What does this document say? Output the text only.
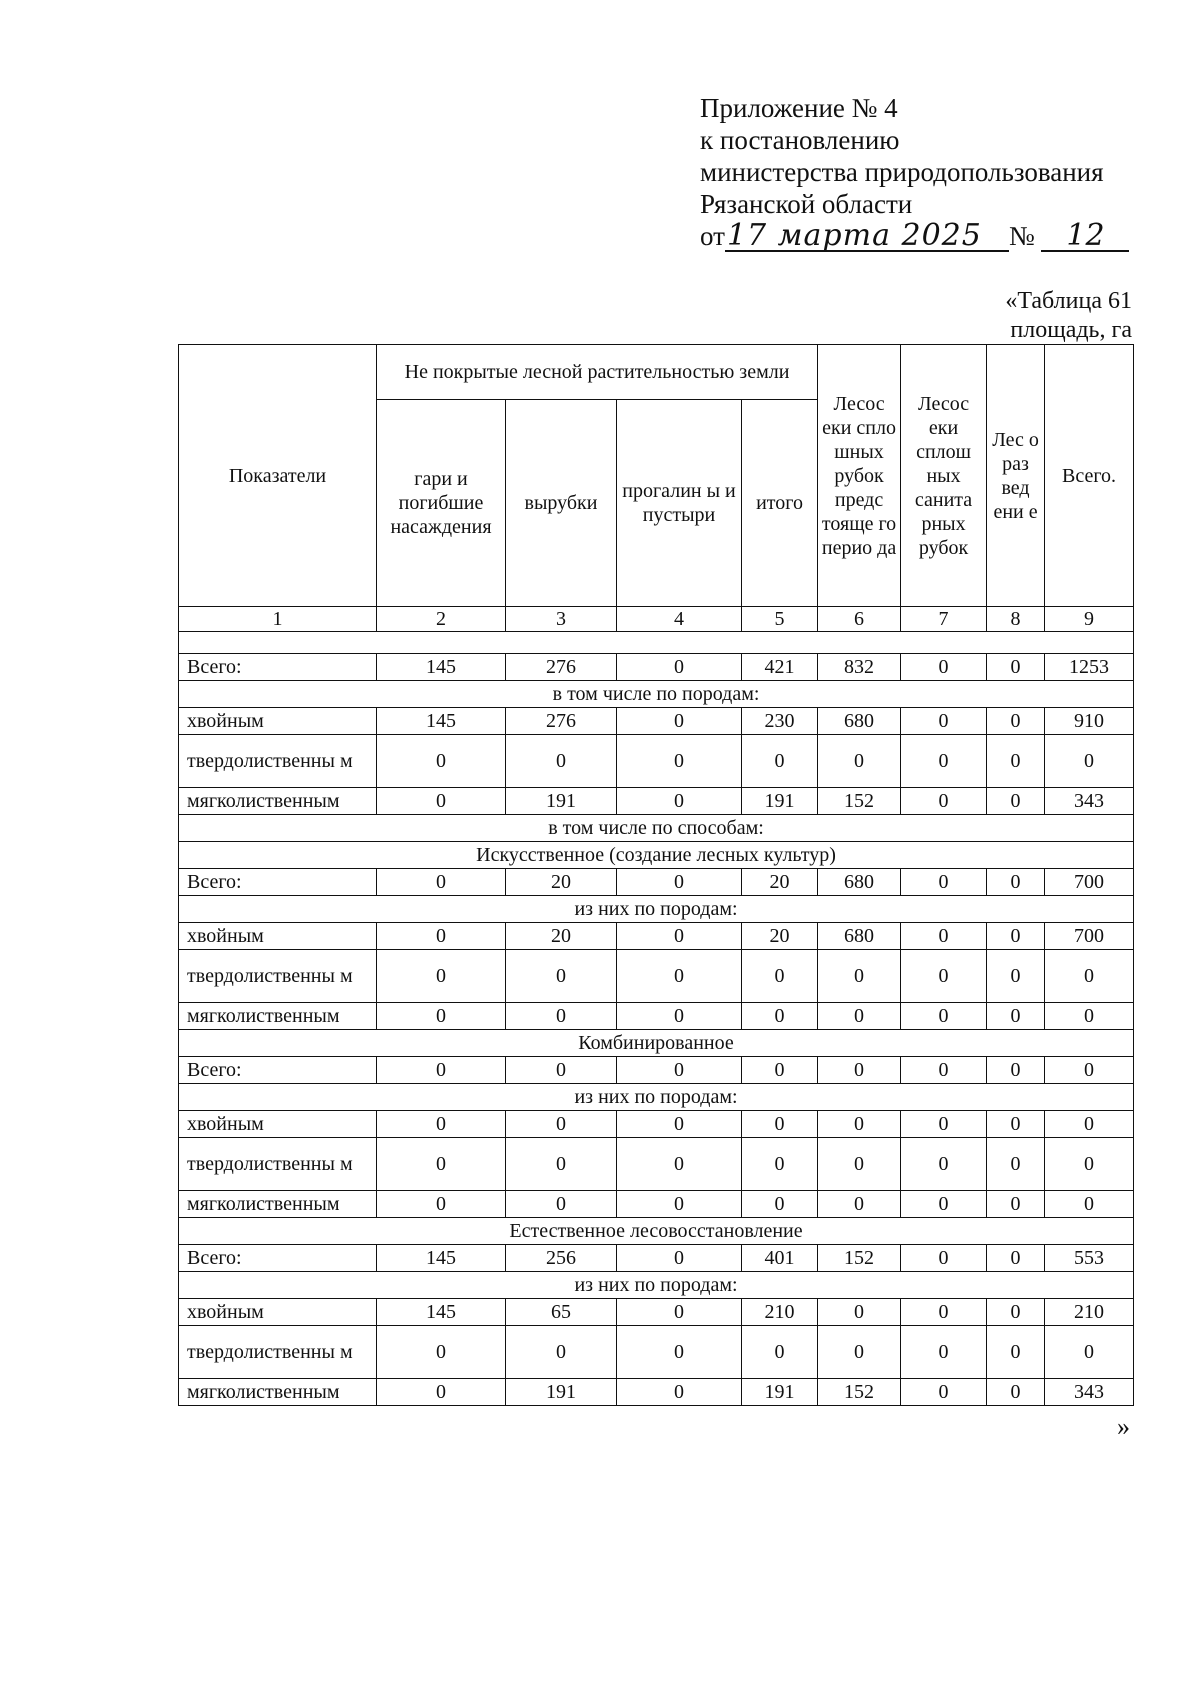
Приложение № 4
к постановлению
министерства природопользования
Рязанской области
от17 марта 2025 № 12
«Таблица 61
площадь, га
Показатели	Не покрытые лесной растительностью земли				Лесос еки спло шных рубок предс тояще го перио да	Лесос еки сплош ных санита рных рубок	Лес о раз вед ени е	Всего.
	гари и погибшие насаждения	вырубки	прогалин ы и пустыри	итого				
1	2	3	4	5	6	7	8	9

Всего:	145	276	0	421	832	0	0	1253
в том числе по породам:								
хвойным	145	276	0	230	680	0	0	910
твердолиственны м	0	0	0	0	0	0	0	0
мягколиственным	0	191	0	191	152	0	0	343
в том числе по способам:								
Искусственное (создание лесных культур)								
Всего:	0	20	0	20	680	0	0	700
из них по породам:								
хвойным	0	20	0	20	680	0	0	700
твердолиственны м	0	0	0	0	0	0	0	0
мягколиственным	0	0	0	0	0	0	0	0
Комбинированное								
Всего:	0	0	0	0	0	0	0	0
из них по породам:								
хвойным	0	0	0	0	0	0	0	0
твердолиственны м	0	0	0	0	0	0	0	0
мягколиственным	0	0	0	0	0	0	0	0
Естественное лесовосстановление								
Всего:	145	256	0	401	152	0	0	553
из них по породам:								
хвойным	145	65	0	210	0	0	0	210
твердолиственны м	0	0	0	0	0	0	0	0
мягколиственным	0	191	0	191	152	0	0	343
»
